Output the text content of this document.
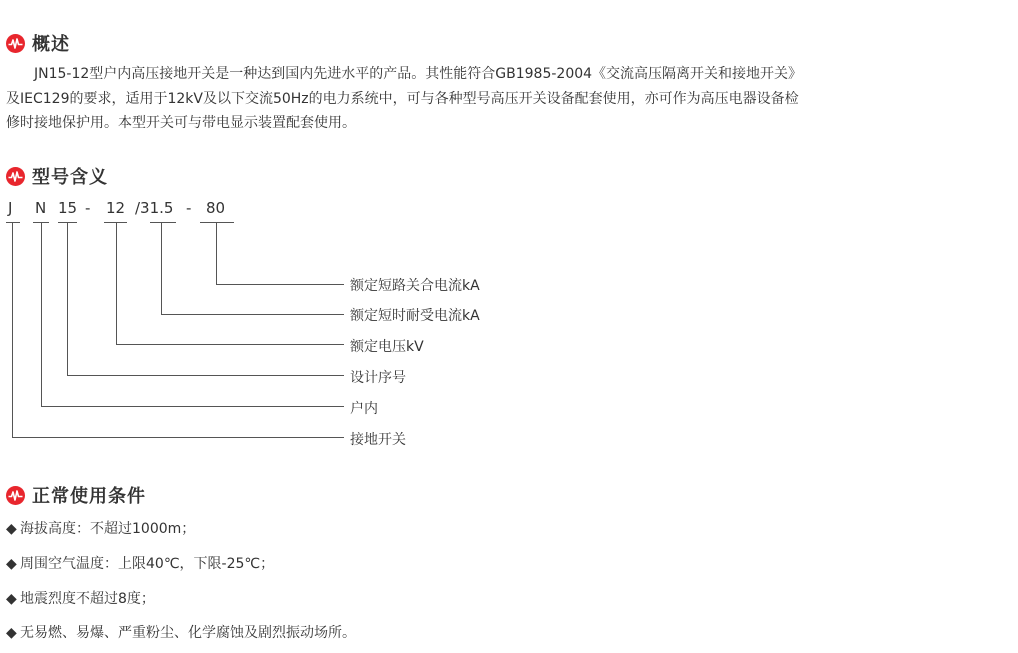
概述

JN15-12型户内高压接地开关是一种达到国内先进水平的产品。其性能符合GB1985-2004《交流高压隔离开关和接地开关》
及IEC129的要求，适用于12kV及以下交流50Hz的电力系统中，可与各种型号高压开关设备配套使用，亦可作为高压电器设备检
修时接地保护用。本型开关可与带电显示装置配套使用。

型号含义
J N 15 - 12 /31.5 - 80
额定短路关合电流kA
额定短时耐受电流kA
额定电压kV
设计序号
户内
接地开关
正常使用条件
◆ 海拔高度：不超过1000m；
◆ 周围空气温度：上限40℃，下限-25℃；
◆ 地震烈度不超过8度；
◆ 无易燃、易爆、严重粉尘、化学腐蚀及剧烈振动场所。
